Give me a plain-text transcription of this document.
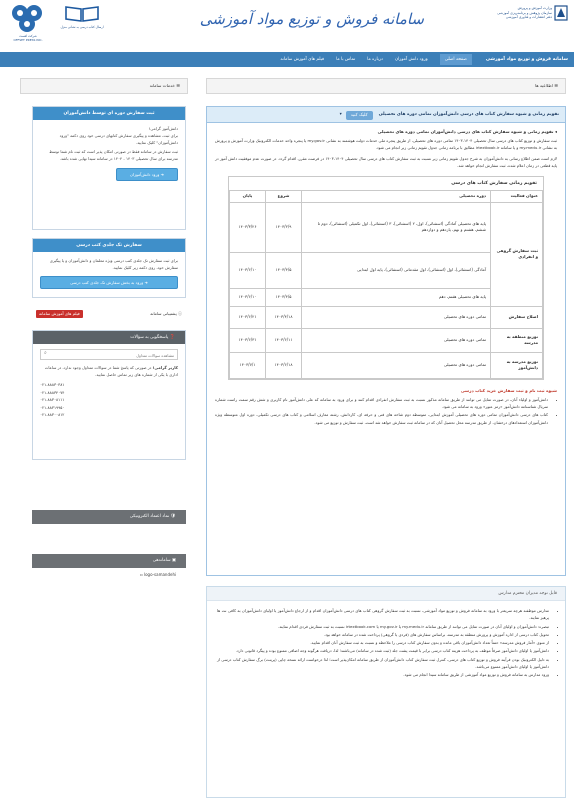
وزارت آموزش و پرورش
سازمان پژوهش و برنامه‌ریزی آموزشی
دفتر انتشارات و فناوری آموزشی
سامانه فروش و توزیع مواد آموزشی
شرکت افست
OFFSET PRESS INC.
ارسال کتاب درسی به نشانی منزل
سامانه فروش و توزیع مواد آموزشی
صفحه اصلی
ورود دانش آموزان
درباره ما
تماس با ما
فیلم های آموزش سامانه
☰ اطلاعیه ها
☰ خدمات سامانه
تقویم زمانی و شیوه سفارش کتاب های درسی دانش‌آموزان تمامی دوره های تحصیلی
کلیک کنید
▾
◂ تقویم زمانی و شیوه سفارش کتاب های درسی دانش‌آموزان تمامی دوره های تحصیلی

ثبت سفارش و توزیع کتاب های درسی سال تحصیلی ۱۴۰۴-۱۴۰۳ تمامی دوره های تحصیلی، از طریق پنجره ملی خدمات دولت هوشمند به نشانی my.gov.ir یا پنجره واحد خدمات الکترونیک وزارت آموزش و پرورش به نشانی my.medu.ir و یا سامانه irtextbook.ir مطابق با برنامه زمانی جدول تقویم زمانی زیر انجام می شود.

لازم است ضمن اطلاع رسانی به دانش‌آموزان به شرح جدول تقویم زمانی زیر نسبت به ثبت سفارش کتاب های درسی سال تحصیلی ۱۴۰۴-۱۴۰۳ در فرصت مقرر، اقدام گردد. در صورت عدم موفقیت دانش آموز در پایه قطعی در زمان اعلام شده، ثبت سفارش انجام خواهد شد.

تقویم زمانی سفارش کتاب های درسی
عنوان فعالیت	دوره تحصیلی	شروع	پایان
ثبت سفارش گروهی و انفرادی	پایه های تحصیلی آمادگی (استثنائی)، اول، ۲ (استثنائی)، ۳ (استثنائی)، اول تکمیلی (استثنائی)، دوم تا ششم، هشتم و نهم، یازدهم و دوازدهم	۱۴۰۳/۲/۹	۱۴۰۳/۳/۲۶
	آمادگی (استثنائی)، اول (استثنائی)، اول مقدماتی (استثنائی)، پایه اول ابتدایی	۱۴۰۳/۴/۵	۱۴۰۳/۶/۱۰
	پایه های تحصیلی هفتم، دهم	۱۴۰۳/۴/۵	۱۴۰۳/۶/۱۰
اصلاح سفارش	تمامی دوره های تحصیلی	۱۴۰۳/۴/۱۸	۱۴۰۳/۶/۲۱
توزیع منطقه به مدرسه	تمامی دوره های تحصیلی	۱۴۰۳/۶/۱۱	۱۴۰۳/۶/۳۱
توزیع مدرسه به دانش‌آموز	تمامی دوره های تحصیلی	۱۴۰۳/۶/۱۸	۱۴۰۳/۷/۱
شیوه ثبت نام و ثبت سفارش خرید کتاب درسی
• دانش‌آموز و اولیاء آنان، در صورت تمایل می توانند از طریق سامانه مذکور نسبت به ثبت سفارش انفرادی اقدام کنند و برای ورود به سامانه که علی دانش‌آموز نام کاربری و شش رقم سمت راست شماره سریال شناسنامه دانش‌آموز «رمز عبور» ورود به سامانه می شود.
• کتاب های درسی دانش‌آموزان تمامی دوره های تحصیلی آموزش ابتدایی، متوسطه دوم شاخه های فنی و حرفه ای، کاردانش، رشته معارف اسلامی و کتاب های درسی تکمیلی، دوره اول متوسطه ویژه دانش‌آموزان استعدادهای درخشان، از طریق مدرسه محل تحصیل آنان که در سامانه ثبت سفارش خواهد شد است، ثبت سفارش و توزیع می شود.
قابل توجه مدیران محترم مدارس
• مدارس موظفند هرچه سریعتر با ورود به سامانه فروش و توزیع مواد آموزشی، نسبت به ثبت سفارش گروهی کتاب های درسی دانش‌آموزان اقدام و از ارجاع دانش‌آموز یا اولیای دانش‌آموزان به کافی نت ها پرهیز نمایند.
• تبصره: دانش‌آموزان و اولیای آنان در صورت تمایل می توانند از طریق سامانه my.medu.ir یا my.gov.ir یا irtextbook.com نسبت به ثبت سفارش فردی اقدام نمایند.
• تحویل کتاب درسی از اداره آموزش و پرورش منطقه به مدرسه، براساس سفارش های (فردی یا گروهی) پرداخت شده در سامانه خواهد بود.
• از منوی «آمار فروش مدرسه» حتماً تعداد دانش‌آموزان باقی مانده و بدون سفارش کتاب درسی را ملاحظه و نسبت به ثبت سفارش آنان اقدام نمایید.
• دانش‌آموز یا اولیای دانش‌آموز صرفاً موظف به پرداخت هزینه کتاب درسی برابر با قیمت پشت جلد (ثبت شده در سامانه) می‌باشند؛ لذا، دریافت هرگونه وجه اضافی ممنوع بوده و پیگرد قانونی دارد.
• به دلیل الکترونیک بودن فرآیند فروش و توزیع کتاب های درسی، کنترل ثبت سفارش کتاب دانش‌آموزان از طریق سامانه امکان‌پذیر است؛ لذا درخواست ارائه نسخه چاپی (پرینت) برگ سفارش کتاب درسی از دانش‌آموز یا اولیای دانش‌آموز ممنوع می‌باشد.
• ورود مدارس به سامانه فروش و توزیع مواد آموزشی از طریق سامانه سیدا انجام می شود.
ثبت سفارش دوره ای توسط دانش‌آموزان
دانش‌آموز گرامی!
برای ثبت، مشاهده و پیگیری سفارش کتابهای درسی خود روی دکمه "ورود دانش‌آموزان" کلیک نمایید.
ثبت سفارش در سامانه فقط در صورتی امکان پذیر است که ثبت نام شما توسط مدرسه برای سال تحصیلی ۱۴۰۳ - ۱۴۰۴ در سامانه سیدا نهایی شده باشد.
➜ ورود دانش‌آموزان
سفارش تک جلدی کتب درسی
برای ثبت سفارش تک جلدی کتب درسی ویژه معلمان و دانش‌آموزان و یا پیگیری سفارش خود، روی دکمه زیر کلیک نمایید.
➜ ورود به بخش سفارش تک جلدی کتب درسی
ⓘ پشتیبانی سامانه
فیلم های آموزش سامانه
❓ پاسخگویی به سؤالات
مشاهده سوالات متداول
⌕
کاربر گرامی! در صورتی که پاسخ شما در سوالات متداول وجود ندارد، در ساعات اداری با یکی از شماره های زیر تماس حاصل نمایید.
۰۲۱-۸۸۸۳۰۳۸۱
۰۲۱-۸۸۸۳۴۰۷۴
۰۲۱-۸۸۳۰۸۱۱۱
۰۲۱-۸۸۳۱۹۹۵۰
۰۲۱-۸۸۳۰۰۸۱۲
🛡 نماد اعتماد الکترونیکی
▣ ساماندهی
▫ logo-samandehi
